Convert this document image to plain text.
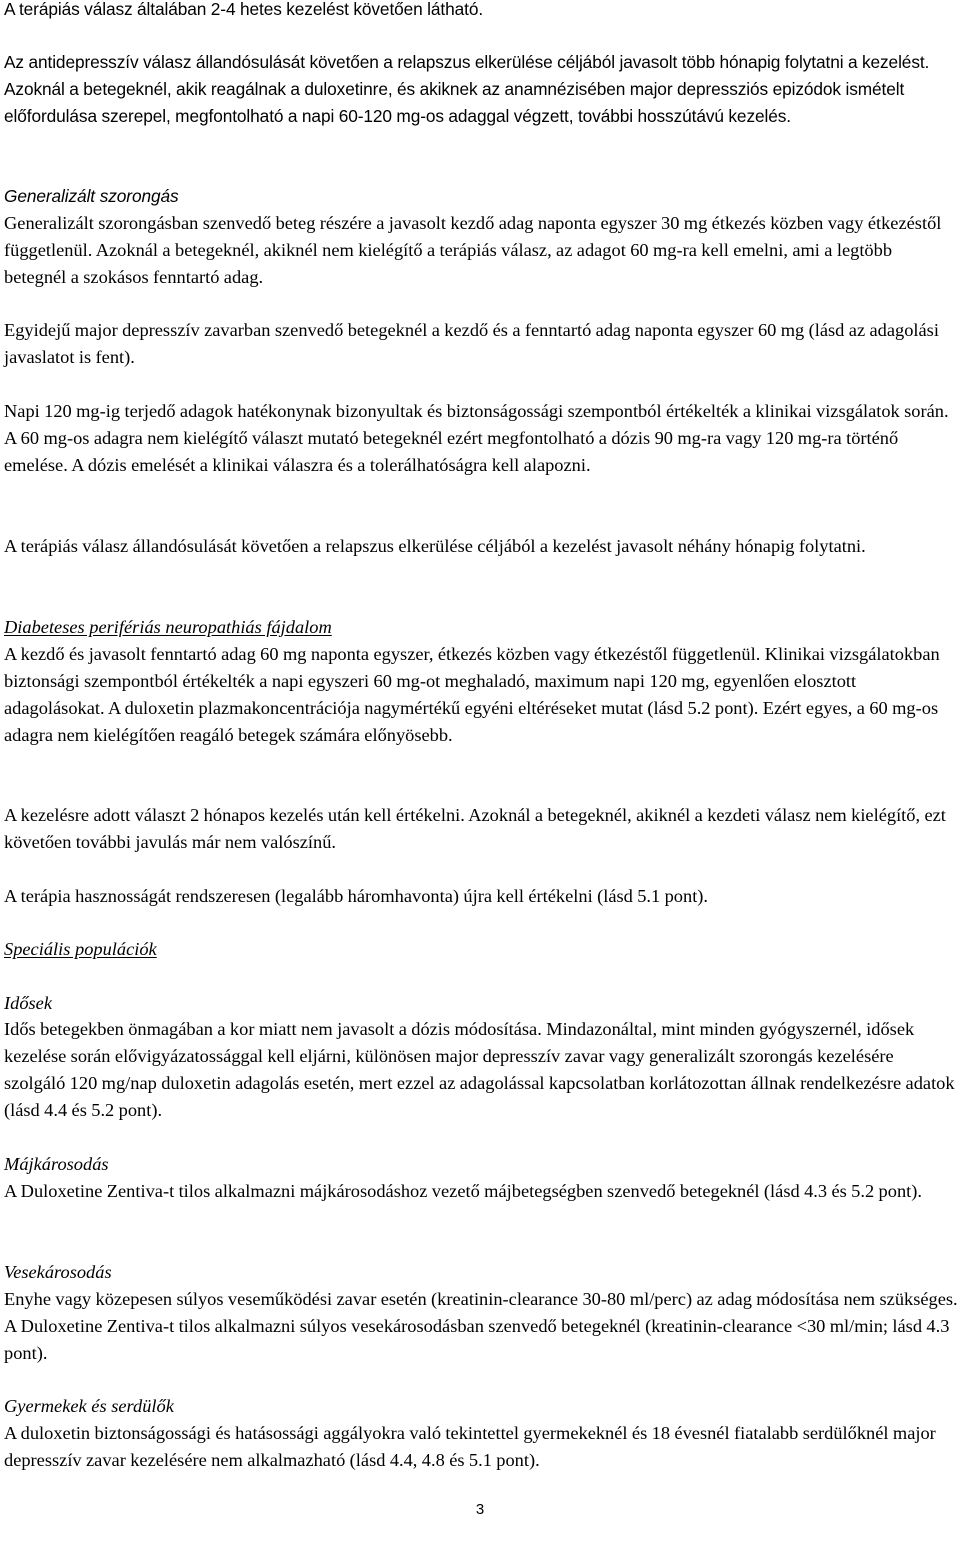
A terápiás válasz általában 2-4 hetes kezelést követően látható.

Az antidepresszív válasz állandósulását követően a relapszus elkerülése céljából javasolt több hónapig folytatni a kezelést. Azoknál a betegeknél, akik reagálnak a duloxetinre, és akiknek az anamnézisében major depressziós epizódok ismételt előfordulása szerepel, megfontolható a napi 60-120 mg-os adaggal végzett, további hosszútávú kezelés.

Generalizált szorongás

Generalizált szorongásban szenvedő beteg részére a javasolt kezdő adag naponta egyszer 30 mg étkezés közben vagy étkezéstől függetlenül. Azoknál a betegeknél, akiknél nem kielégítő a terápiás válasz, az adagot 60 mg-ra kell emelni, ami a legtöbb betegnél a szokásos fenntartó adag.

Egyidejű major depresszív zavarban szenvedő betegeknél a kezdő és a fenntartó adag naponta egyszer 60 mg (lásd az adagolási javaslatot is fent).

Napi 120 mg-ig terjedő adagok hatékonynak bizonyultak és biztonságossági szempontból értékelték a klinikai vizsgálatok során. A 60 mg-os adagra nem kielégítő választ mutató betegeknél ezért megfontolható a dózis 90 mg-ra vagy 120 mg-ra történő emelése. A dózis emelését a klinikai válaszra és a tolerálhatóságra kell alapozni.

A terápiás válasz állandósulását követően a relapszus elkerülése céljából a kezelést javasolt néhány hónapig folytatni.

Diabeteses perifériás neuropathiás fájdalom

A kezdő és javasolt fenntartó adag 60 mg naponta egyszer, étkezés közben vagy étkezéstől függetlenül. Klinikai vizsgálatokban biztonsági szempontból értékelték a napi egyszeri 60 mg-ot meghaladó, maximum napi 120 mg, egyenlően elosztott adagolásokat. A duloxetin plazmakoncentrációja nagymértékű egyéni eltéréseket mutat (lásd 5.2 pont). Ezért egyes, a 60 mg-os adagra nem kielégítően reagáló betegek számára előnyösebb.

A kezelésre adott választ 2 hónapos kezelés után kell értékelni. Azoknál a betegeknél, akiknél a kezdeti válasz nem kielégítő, ezt követően további javulás már nem valószínű.

A terápia hasznosságát rendszeresen (legalább háromhavonta) újra kell értékelni (lásd 5.1 pont).

Speciális populációk

Idősek

Idős betegekben önmagában a kor miatt nem javasolt a dózis módosítása. Mindazonáltal, mint minden gyógyszernél, idősek kezelése során elővigyázatossággal kell eljárni, különösen major depresszív zavar vagy generalizált szorongás kezelésére szolgáló 120 mg/nap duloxetin adagolás esetén, mert ezzel az adagolással kapcsolatban korlátozottan állnak rendelkezésre adatok (lásd 4.4 és 5.2 pont).

Májkárosodás

A Duloxetine Zentiva-t tilos alkalmazni májkárosodáshoz vezető májbetegségben szenvedő betegeknél (lásd 4.3 és 5.2 pont).

Vesekárosodás

Enyhe vagy közepesen súlyos veseműködési zavar esetén (kreatinin-clearance 30-80 ml/perc) az adag módosítása nem szükséges. A Duloxetine Zentiva-t tilos alkalmazni súlyos vesekárosodásban szenvedő betegeknél (kreatinin-clearance <30 ml/min; lásd 4.3 pont).

Gyermekek és serdülők

A duloxetin biztonságossági és hatásossági aggályokra való tekintettel gyermekeknél és 18 évesnél fiatalabb serdülőknél major depresszív zavar kezelésére nem alkalmazható (lásd 4.4, 4.8 és 5.1 pont).

3
